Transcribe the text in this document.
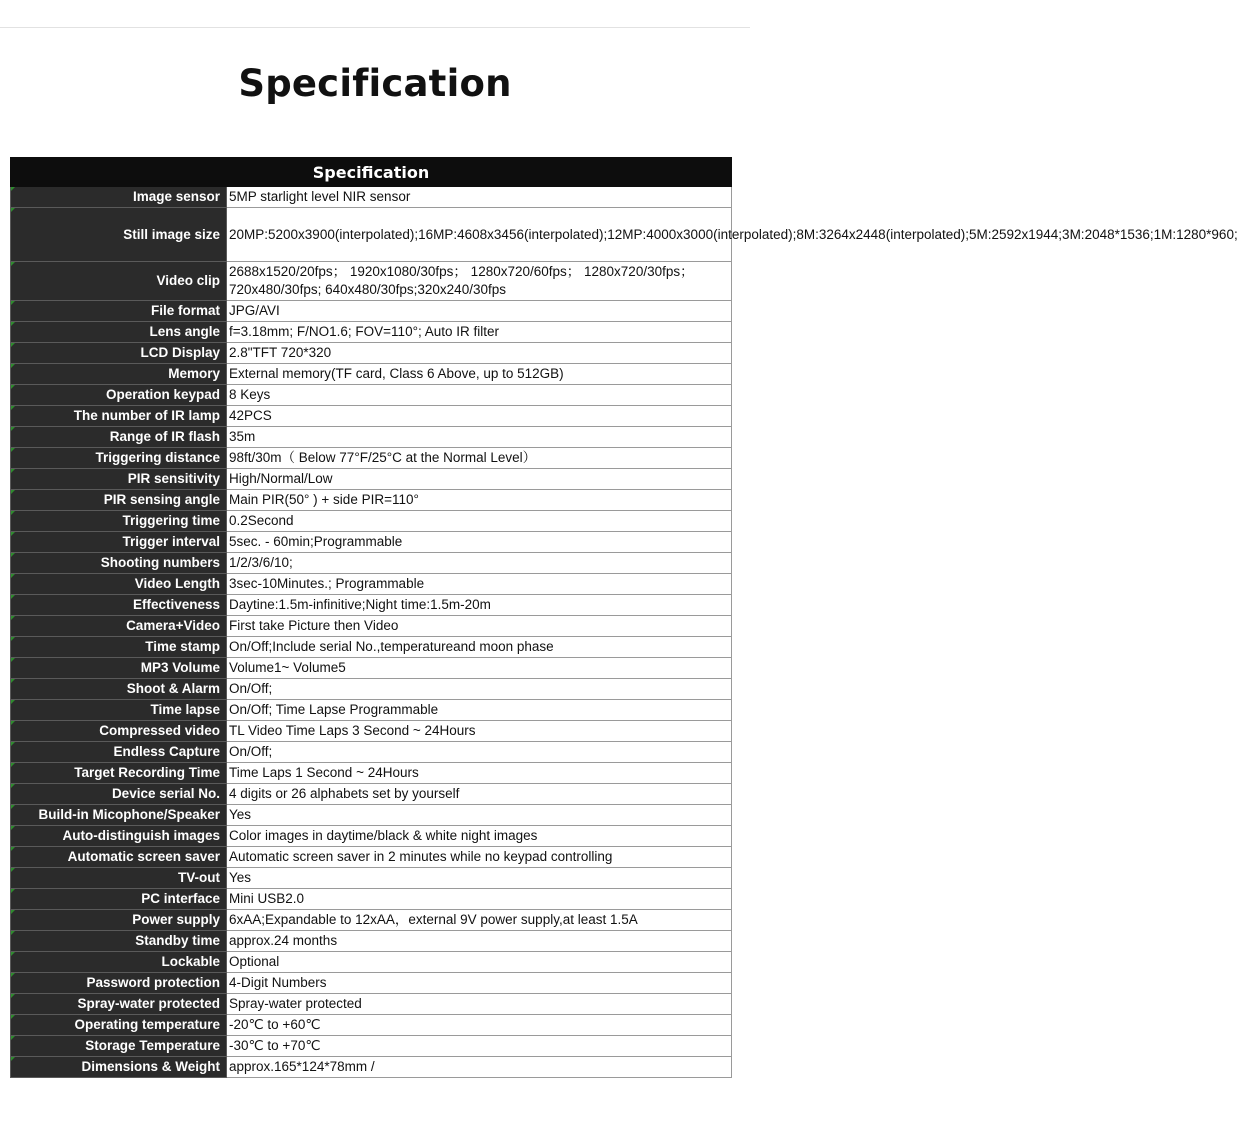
Specification
Specification	
Image sensor	5MP starlight level NIR sensor
Still image size	20MP:5200x3900(interpolated);16MP:4608x3456(interpolated);12MP:4000x3000(interpolated);8M:3264x2448(interpolated);5M:2592x1944;3M:2048*1536;1M:1280*960;
Video clip	2688x1520/20fps； 1920x1080/30fps； 1280x720/60fps； 1280x720/30fps； 720x480/30fps; 640x480/30fps;320x240/30fps
File format	JPG/AVI
Lens angle	f=3.18mm; F/NO1.6; FOV=110°; Auto IR filter
LCD Display	2.8"TFT 720*320
Memory	External memory(TF card, Class 6 Above, up to 512GB)
Operation keypad	8 Keys
The number of IR lamp	42PCS
Range of IR flash	35m
Triggering distance	98ft/30m（ Below 77°F/25°C at the Normal Level）
PIR sensitivity	High/Normal/Low
PIR sensing angle	Main PIR(50° ) + side PIR=110°
Triggering time	0.2Second
Trigger interval	5sec. - 60min;Programmable
Shooting numbers	1/2/3/6/10;
Video Length	3sec-10Minutes.; Programmable
Effectiveness	Daytine:1.5m-infinitive;Night time:1.5m-20m
Camera+Video	First take Picture then Video
Time stamp	On/Off;Include serial No.,temperatureand moon phase
MP3 Volume	Volume1~ Volume5
Shoot & Alarm	On/Off;
Time lapse	On/Off; Time Lapse Programmable
Compressed video	TL Video Time Laps 3 Second ~ 24Hours
Endless Capture	On/Off;
Target Recording Time	Time Laps 1 Second ~ 24Hours
Device serial No.	4 digits or 26 alphabets set by yourself
Build-in Micophone/Speaker	Yes
Auto-distinguish images	Color images in daytime/black & white night images
Automatic screen saver	Automatic screen saver in 2 minutes while no keypad controlling
TV-out	Yes
PC interface	Mini USB2.0
Power supply	6xAA;Expandable to 12xAA，external 9V power supply,at least 1.5A
Standby time	approx.24 months
Lockable	Optional
Password protection	4-Digit Numbers
Spray-water protected	Spray-water protected
Operating temperature	-20℃ to +60℃
Storage Temperature	-30℃ to +70℃
Dimensions & Weight	approx.165*124*78mm /
